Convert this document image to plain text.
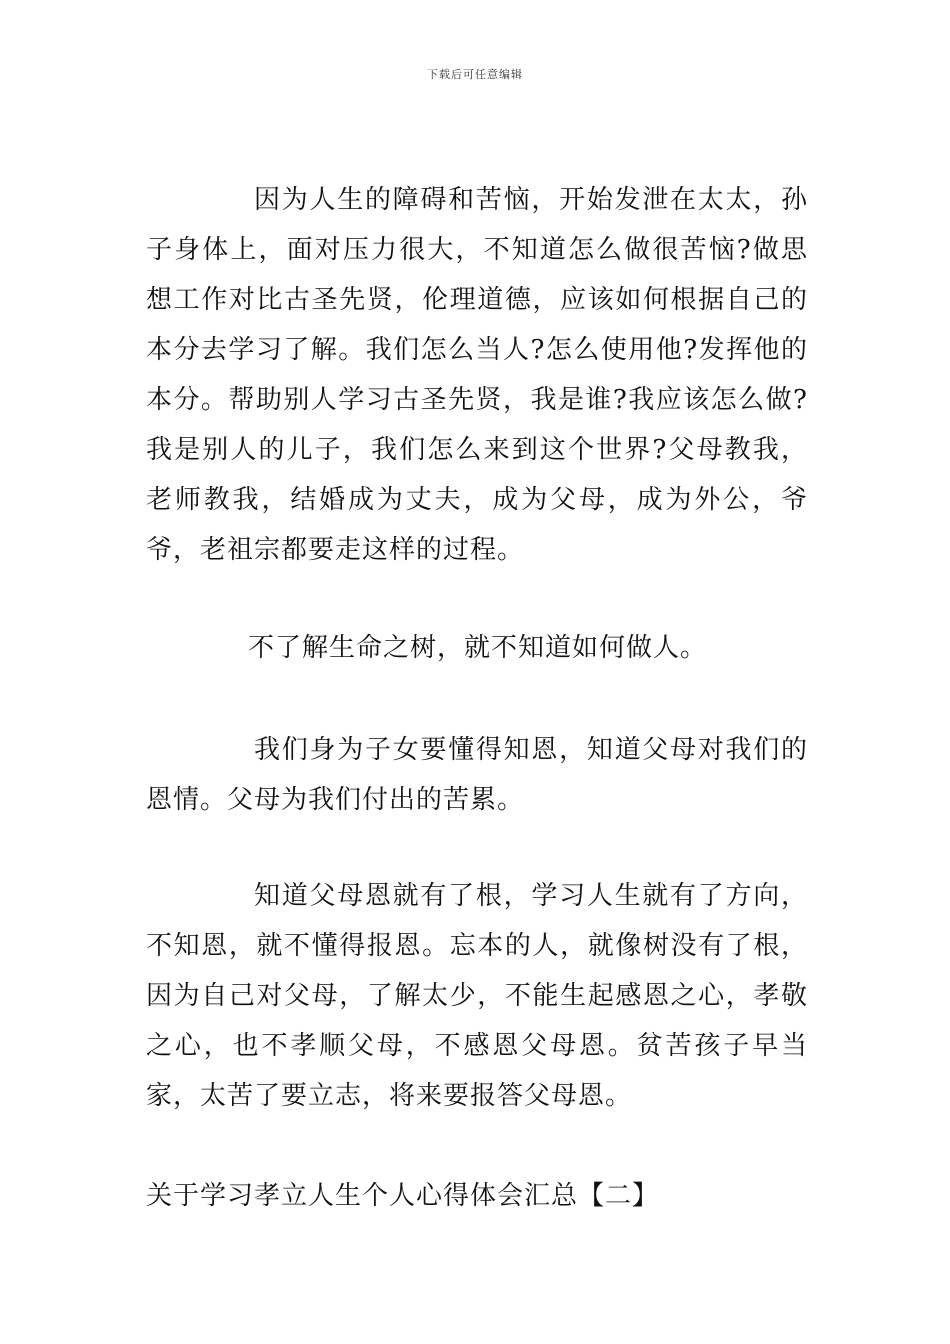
下载后可任意编辑

因为人生的障碍和苦恼，开始发泄在太太，孙子身体上，面对压力很大，不知道怎么做很苦恼?做思想工作对比古圣先贤，伦理道德，应该如何根据自己的本分去学习了解。我们怎么当人?怎么使用他?发挥他的本分。帮助别人学习古圣先贤，我是谁?我应该怎么做?我是别人的儿子，我们怎么来到这个世界?父母教我，老师教我，结婚成为丈夫，成为父母，成为外公，爷爷，老祖宗都要走这样的过程。

不了解生命之树，就不知道如何做人。

我们身为子女要懂得知恩，知道父母对我们的恩情。父母为我们付出的苦累。

知道父母恩就有了根，学习人生就有了方向，不知恩，就不懂得报恩。忘本的人，就像树没有了根，因为自己对父母，了解太少，不能生起感恩之心，孝敬之心，也不孝顺父母，不感恩父母恩。贫苦孩子早当家，太苦了要立志，将来要报答父母恩。

关于学习孝立人生个人心得体会汇总【二】
